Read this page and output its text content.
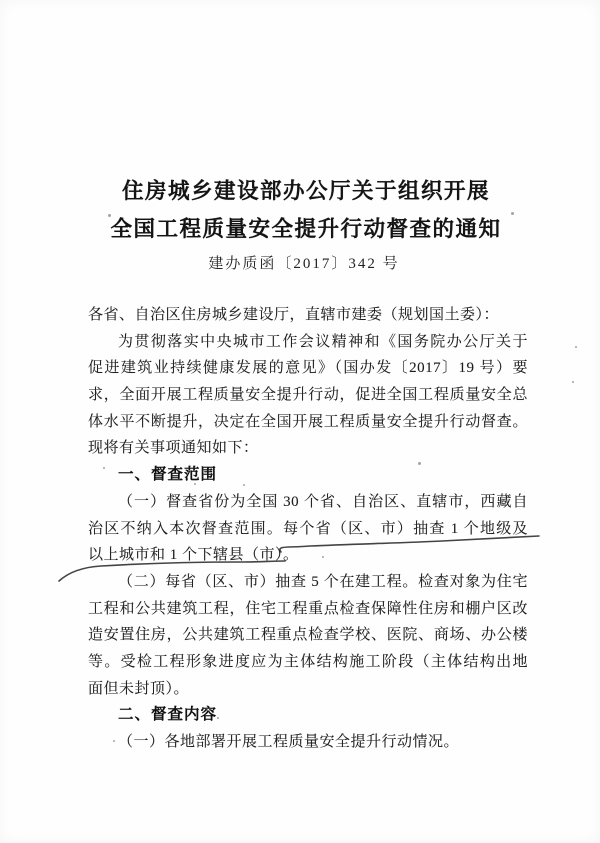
住房城乡建设部办公厅关于组织开展
全国工程质量安全提升行动督查的通知
建办质函〔2017〕342 号
各省、自治区住房城乡建设厅，直辖市建委（规划国土委）：
为贯彻落实中央城市工作会议精神和《国务院办公厅关于
促进建筑业持续健康发展的意见》（国办发〔2017〕19 号）要
求，全面开展工程质量安全提升行动，促进全国工程质量安全总
体水平不断提升，决定在全国开展工程质量安全提升行动督查。
现将有关事项通知如下：
一、督查范围
（一）督查省份为全国 30 个省、自治区、直辖市，西藏自
治区不纳入本次督查范围。每个省（区、市）抽查 1 个地级及
以上城市和 1 个下辖县（市）。
（二）每省（区、市）抽查 5 个在建工程。检查对象为住宅
工程和公共建筑工程，住宅工程重点检查保障性住房和棚户区改
造安置住房，公共建筑工程重点检查学校、医院、商场、办公楼
等。受检工程形象进度应为主体结构施工阶段（主体结构出地
面但未封顶）。
二、督查内容
（一）各地部署开展工程质量安全提升行动情况。
